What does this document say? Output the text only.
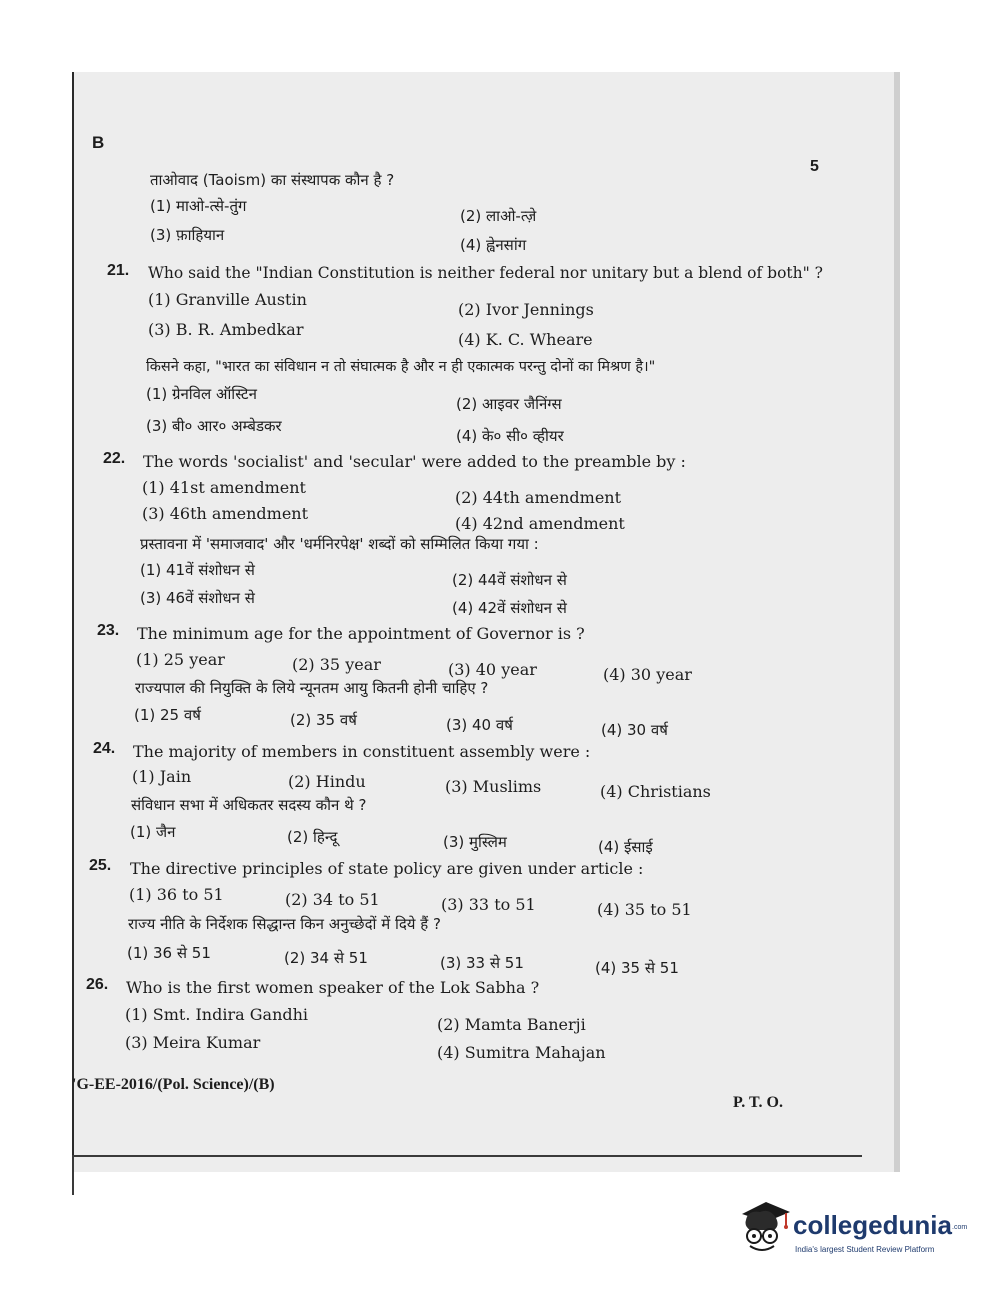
B
5
ताओवाद (Taoism) का संस्थापक कौन है ?
(1) माओ-त्से-तुंग
(2) लाओ-त्ज़े
(3) फ़ाहियान
(4) ह्वेनसांग
21. Who said the "Indian Constitution is neither federal nor unitary but a blend of both" ?
(1) Granville Austin
(2) Ivor Jennings
(3) B. R. Ambedkar
(4) K. C. Wheare
किसने कहा, "भारत का संविधान न तो संघात्मक है और न ही एकात्मक परन्तु दोनों का मिश्रण है।"
(1) ग्रेनविल ऑस्टिन
(2) आइवर जैनिंग्स
(3) बी० आर० अम्बेडकर
(4) के० सी० व्हीयर
22. The words 'socialist' and 'secular' were added to the preamble by :
(1) 41st amendment
(2) 44th amendment
(3) 46th amendment
(4) 42nd amendment
प्रस्तावना में 'समाजवाद' और 'धर्मनिरपेक्ष' शब्दों को सम्मिलित किया गया :
(1) 41वें संशोधन से
(2) 44वें संशोधन से
(3) 46वें संशोधन से
(4) 42वें संशोधन से
23. The minimum age for the appointment of Governor is ?
(1) 25 year	(2) 35 year	(3) 40 year	(4) 30 year
राज्यपाल की नियुक्ति के लिये न्यूनतम आयु कितनी होनी चाहिए ?
(1) 25 वर्ष	(2) 35 वर्ष	(3) 40 वर्ष	(4) 30 वर्ष
24. The majority of members in constituent assembly were :
(1) Jain	(2) Hindu	(3) Muslims	(4) Christians
संविधान सभा में अधिकतर सदस्य कौन थे ?
(1) जैन	(2) हिन्दू	(3) मुस्लिम	(4) ईसाई
25. The directive principles of state policy are given under article :
(1) 36 to 51	(2) 34 to 51	(3) 33 to 51	(4) 35 to 51
राज्य नीति के निर्देशक सिद्धान्त किन अनुच्छेदों में दिये हैं ?
(1) 36 से 51	(2) 34 से 51	(3) 33 से 51	(4) 35 से 51
26. Who is the first women speaker of the Lok Sabha ?
(1) Smt. Indira Gandhi
(2) Mamta Banerji
(3) Meira Kumar
(4) Sumitra Mahajan
'G-EE-2016/(Pol. Science)/(B)
P. T. O.
collegedunia .com
India's largest Student Review Platform
